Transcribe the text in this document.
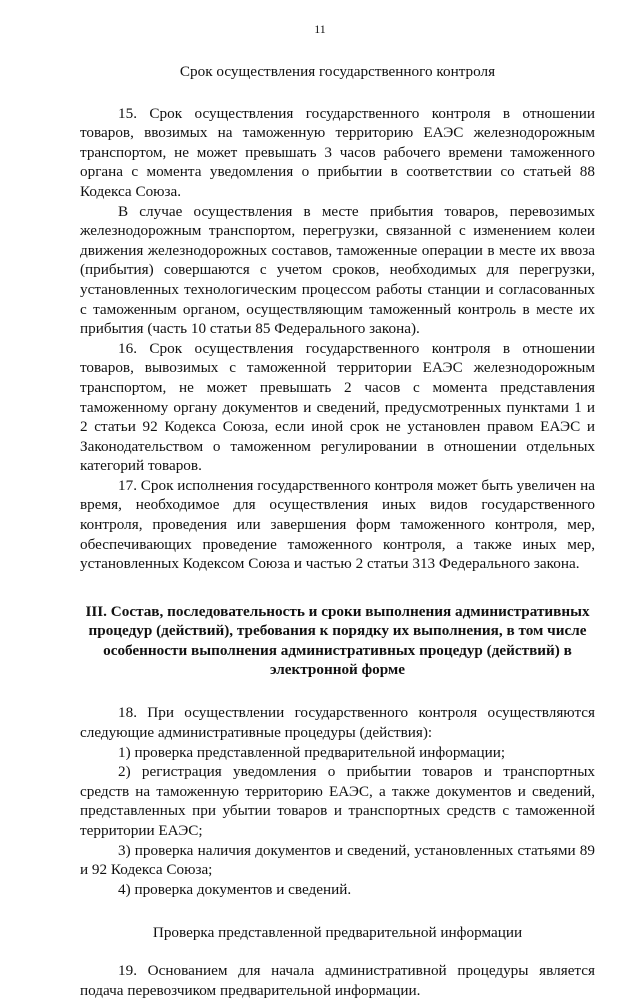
11

Срок осуществления государственного контроля

15. Срок осуществления государственного контроля в отношении товаров, ввозимых на таможенную территорию ЕАЭС железнодорожным транспортом, не может превышать 3 часов рабочего времени таможенного органа с момента уведомления о прибытии в соответствии со статьей 88 Кодекса Союза.

В случае осуществления в месте прибытия товаров, перевозимых железнодорожным транспортом, перегрузки, связанной с изменением колеи движения железнодорожных составов, таможенные операции в месте их ввоза (прибытия) совершаются с учетом сроков, необходимых для перегрузки, установленных технологическим процессом работы станции и согласованных с таможенным органом, осуществляющим таможенный контроль в месте их прибытия (часть 10 статьи 85 Федерального закона).

16. Срок осуществления государственного контроля в отношении товаров, вывозимых с таможенной территории ЕАЭС железнодорожным транспортом, не может превышать 2 часов с момента представления таможенному органу документов и сведений, предусмотренных пунктами 1 и 2 статьи 92 Кодекса Союза, если иной срок не установлен правом ЕАЭС и Законодательством о таможенном регулировании в отношении отдельных категорий товаров.

17. Срок исполнения государственного контроля может быть увеличен на время, необходимое для осуществления иных видов государственного контроля, проведения или завершения форм таможенного контроля, мер, обеспечивающих проведение таможенного контроля, а также иных мер, установленных Кодексом Союза и частью 2 статьи 313 Федерального закона.

III. Состав, последовательность и сроки выполнения административных процедур (действий), требования к порядку их выполнения, в том числе особенности выполнения административных процедур (действий) в электронной форме

18. При осуществлении государственного контроля осуществляются следующие административные процедуры (действия):

1) проверка представленной предварительной информации;

2) регистрация уведомления о прибытии товаров и транспортных средств на таможенную территорию ЕАЭС, а также документов и сведений, представленных при убытии товаров и транспортных средств с таможенной территории ЕАЭС;

3) проверка наличия документов и сведений, установленных статьями 89 и 92 Кодекса Союза;

4) проверка документов и сведений.

Проверка представленной предварительной информации

19. Основанием для начала административной процедуры является подача перевозчиком предварительной информации.
